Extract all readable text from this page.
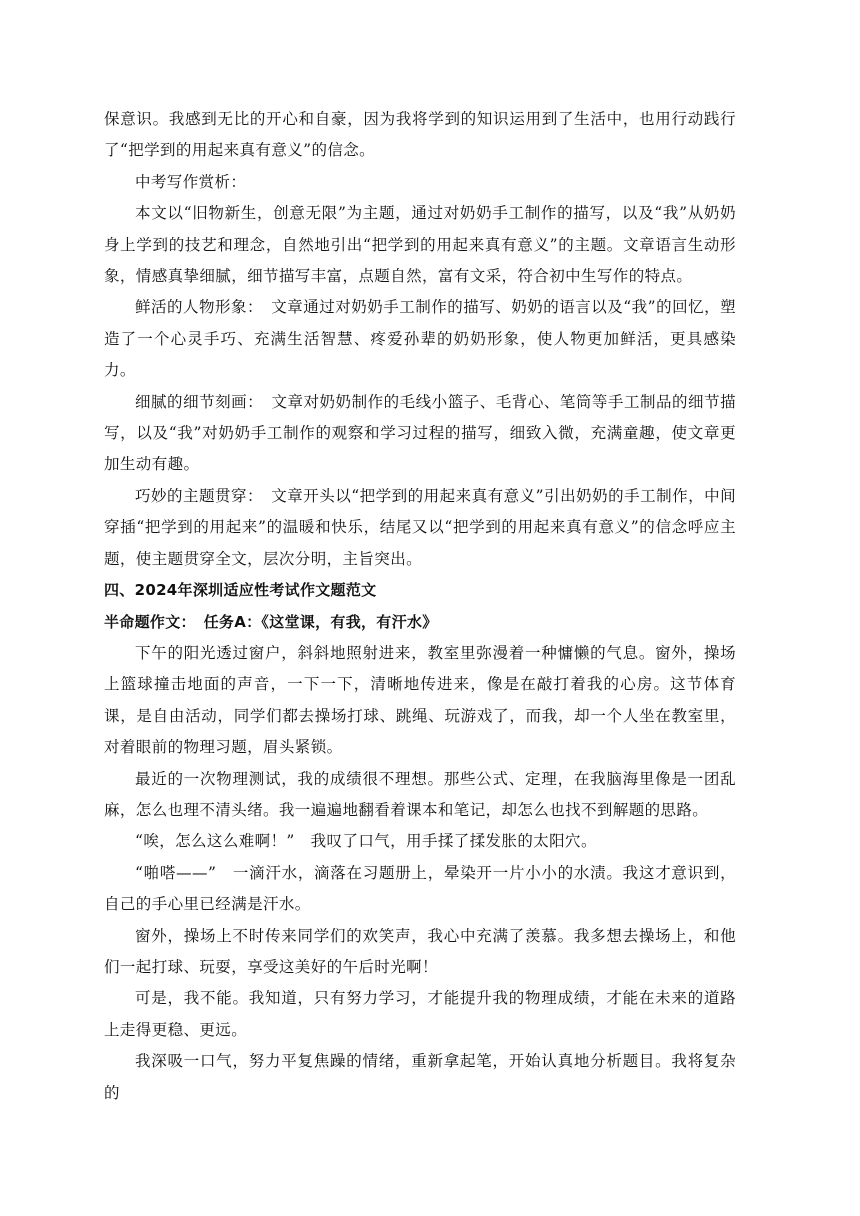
保意识。我感到无比的开心和自豪，因为我将学到的知识运用到了生活中，也用行动践行了“把学到的用起来真有意义”的信念。

中考写作赏析：

本文以“旧物新生，创意无限”为主题，通过对奶奶手工制作的描写，以及“我”从奶奶身上学到的技艺和理念，自然地引出“把学到的用起来真有意义”的主题。文章语言生动形象，情感真挚细腻，细节描写丰富，点题自然，富有文采，符合初中生写作的特点。

鲜活的人物形象：　文章通过对奶奶手工制作的描写、奶奶的语言以及“我”的回忆，塑造了一个心灵手巧、充满生活智慧、疼爱孙辈的奶奶形象，使人物更加鲜活，更具感染力。

细腻的细节刻画：　文章对奶奶制作的毛线小篮子、毛背心、笔筒等手工制品的细节描写，以及“我”对奶奶手工制作的观察和学习过程的描写，细致入微，充满童趣，使文章更加生动有趣。

巧妙的主题贯穿：　文章开头以“把学到的用起来真有意义”引出奶奶的手工制作，中间穿插“把学到的用起来”的温暖和快乐，结尾又以“把学到的用起来真有意义”的信念呼应主题，使主题贯穿全文，层次分明，主旨突出。

四、2024年深圳适应性考试作文题范文

半命题作文：　任务A：《这堂课，有我，有汗水》

下午的阳光透过窗户，斜斜地照射进来，教室里弥漫着一种慵懒的气息。窗外，操场上篮球撞击地面的声音，一下一下，清晰地传进来，像是在敲打着我的心房。这节体育课，是自由活动，同学们都去操场打球、跳绳、玩游戏了，而我，却一个人坐在教室里，对着眼前的物理习题，眉头紧锁。

最近的一次物理测试，我的成绩很不理想。那些公式、定理，在我脑海里像是一团乱麻，怎么也理不清头绪。我一遍遍地翻看着课本和笔记，却怎么也找不到解题的思路。

“唉，怎么这么难啊！”　我叹了口气，用手揉了揉发胀的太阳穴。

“啪嗒——”　一滴汗水，滴落在习题册上，晕染开一片小小的水渍。我这才意识到，自己的手心里已经满是汗水。

窗外，操场上不时传来同学们的欢笑声，我心中充满了羡慕。我多想去操场上，和他们一起打球、玩耍，享受这美好的午后时光啊！

可是，我不能。我知道，只有努力学习，才能提升我的物理成绩，才能在未来的道路上走得更稳、更远。

我深吸一口气，努力平复焦躁的情绪，重新拿起笔，开始认真地分析题目。我将复杂的
